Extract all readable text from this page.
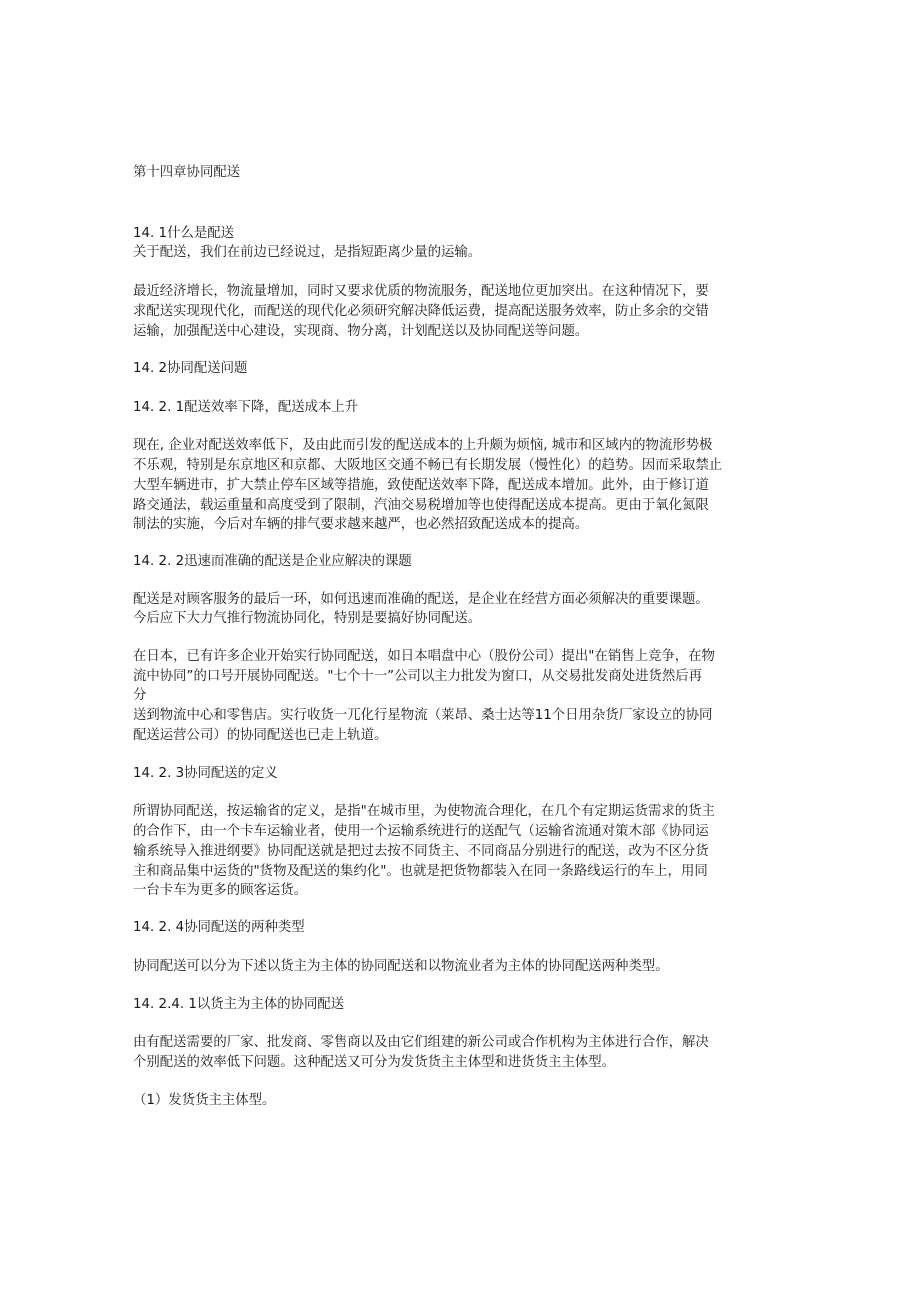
第十四章协同配送
14. 1什么是配送
关于配送，我们在前边已经说过，是指短距离少量的运输。
最近经济增长，物流量增加，同时又要求优质的物流服务，配送地位更加突出。在这种情况下，要
求配送实现现代化，而配送的现代化必须研究解决降低运费，提高配送服务效率，防止多余的交错
运输，加强配送中心建设，实现商、物分离，计划配送以及协同配送等问题。
14. 2协同配送问题
14. 2. 1配送效率下降，配送成本上升
现在, 企业对配送效率低下，及由此而引发的配送成本的上升颇为烦恼, 城市和区域内的物流形势极
不乐观，特别是东京地区和京都、大阪地区交通不畅已有长期发展（慢性化）的趋势。因而采取禁止
大型车辆进市，扩大禁止停车区域等措施，致使配送效率下降，配送成本增加。此外，由于修订道
路交通法，载运重量和高度受到了限制，汽油交易税增加等也使得配送成本提高。更由于氧化氮限
制法的实施，今后对车辆的排气要求越来越严，也必然招致配送成本的提高。
14. 2. 2迅速而准确的配送是企业应解决的课题
配送是对顾客服务的最后一环，如何迅速而准确的配送，是企业在经营方面必须解决的重要课题。
今后应下大力气推行物流协同化，特别是要搞好协同配送。
在日本，已有许多企业开始实行协同配送，如日本唱盘中心（股份公司）提出"在销售上竞争，在物
流中协同”的口号开展协同配送。"七个十一”公司以主力批发为窗口，从交易批发商处进货然后再
分
送到物流中心和零售店。实行收货一兀化行星物流（莱昂、桑士达等11个日用杂货厂家设立的协同
配送运营公司）的协同配送也已走上轨道。
14. 2. 3协同配送的定义
所谓协同配送，按运输省的定义，是指"在城市里，为使物流合理化，在几个有定期运货需求的货主
的合作下，由一个卡车运输业者，使用一个运输系统进行的送配气（运输省流通对策木部《协同运
输系统导入推进纲要》协同配送就是把过去按不同货主、不同商品分别进行的配送，改为不区分货
主和商品集中运货的"货物及配送的集约化"。也就是把货物都装入在同一条路线运行的车上，用同
一台卡车为更多的顾客运货。
14. 2. 4协同配送的两种类型
协同配送可以分为下述以货主为主体的协同配送和以物流业者为主体的协同配送两种类型。
14. 2.4. 1以货主为主体的协同配送
由有配送需要的厂家、批发商、零售商以及由它们组建的新公司或合作机构为主体进行合作，解决
个别配送的效率低下问题。这种配送又可分为发货货主主体型和进货货主主体型。
（1）发货货主主体型。
